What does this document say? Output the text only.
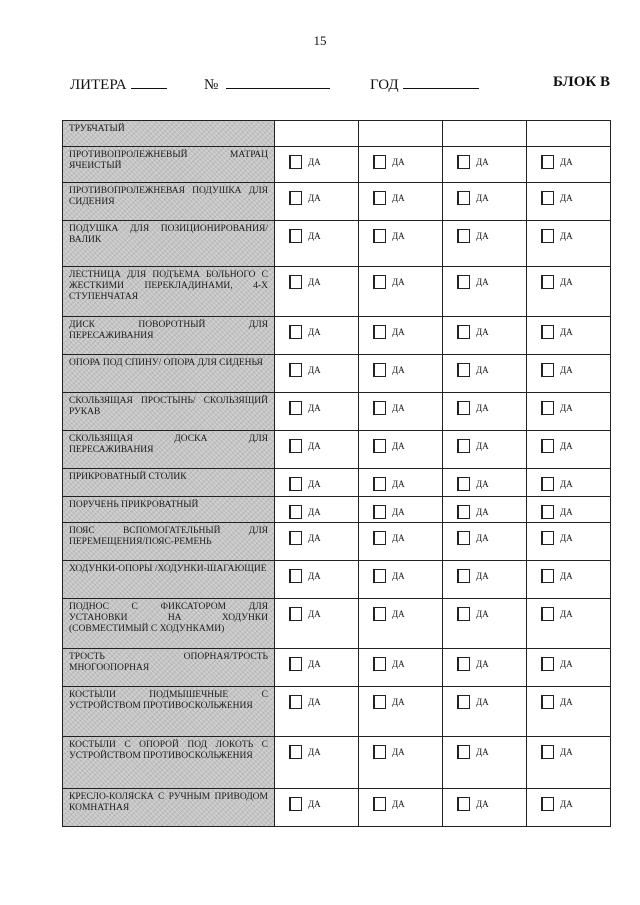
15
ЛИТЕРА	№	ГОД	БЛОК В
ТРУБЧАТЫЙ				

ПРОТИВОПРОЛЕЖНЕВЫЙ МАТРАЦ ЯЧЕИСТЫЙ	ДА	ДА	ДА	ДА

ПРОТИВОПРОЛЕЖНЕВАЯ ПОДУШКА ДЛЯ СИДЕНИЯ	ДА	ДА	ДА	ДА

ПОДУШКА ДЛЯ ПОЗИЦИОНИРОВАНИЯ/ВАЛИК	ДА	ДА	ДА	ДА

ЛЕСТНИЦА ДЛЯ ПОДЪЕМА БОЛЬНОГО С ЖЕСТКИМИ ПЕРЕКЛАДИНАМИ, 4-Х СТУПЕНЧАТАЯ	ДА	ДА	ДА	ДА

ДИСК ПОВОРОТНЫЙ ДЛЯ ПЕРЕСАЖИВАНИЯ	ДА	ДА	ДА	ДА

ОПОРА ПОД СПИНУ/ ОПОРА ДЛЯ СИДЕНЬЯ	ДА	ДА	ДА	ДА

СКОЛЬЗЯЩАЯ ПРОСТЫНЬ/ СКОЛЬЗЯЩИЙ РУКАВ	ДА	ДА	ДА	ДА

СКОЛЬЗЯЩАЯ ДОСКА ДЛЯ ПЕРЕСАЖИВАНИЯ	ДА	ДА	ДА	ДА

ПРИКРОВАТНЫЙ СТОЛИК	ДА	ДА	ДА	ДА

ПОРУЧЕНЬ ПРИКРОВАТНЫЙ	ДА	ДА	ДА	ДА

ПОЯС ВСПОМОГАТЕЛЬНЫЙ ДЛЯ ПЕРЕМЕЩЕНИЯ/ПОЯС-РЕМЕНЬ	ДА	ДА	ДА	ДА

ХОДУНКИ-ОПОРЫ /ХОДУНКИ-ШАГАЮЩИЕ	ДА	ДА	ДА	ДА

ПОДНОС С ФИКСАТОРОМ ДЛЯ УСТАНОВКИ НА ХОДУНКИ (СОВМЕСТИМЫЙ С ХОДУНКАМИ)	ДА	ДА	ДА	ДА

ТРОСТЬ ОПОРНАЯ/ТРОСТЬ МНОГООПОРНАЯ	ДА	ДА	ДА	ДА

КОСТЫЛИ ПОДМЫШЕЧНЫЕ С УСТРОЙСТВОМ ПРОТИВОСКОЛЬЖЕНИЯ	ДА	ДА	ДА	ДА

КОСТЫЛИ С ОПОРОЙ ПОД ЛОКОТЬ С УСТРОЙСТВОМ ПРОТИВОСКОЛЬЖЕНИЯ	ДА	ДА	ДА	ДА

КРЕСЛО-КОЛЯСКА С РУЧНЫМ ПРИВОДОМ КОМНАТНАЯ	ДА	ДА	ДА	ДА
